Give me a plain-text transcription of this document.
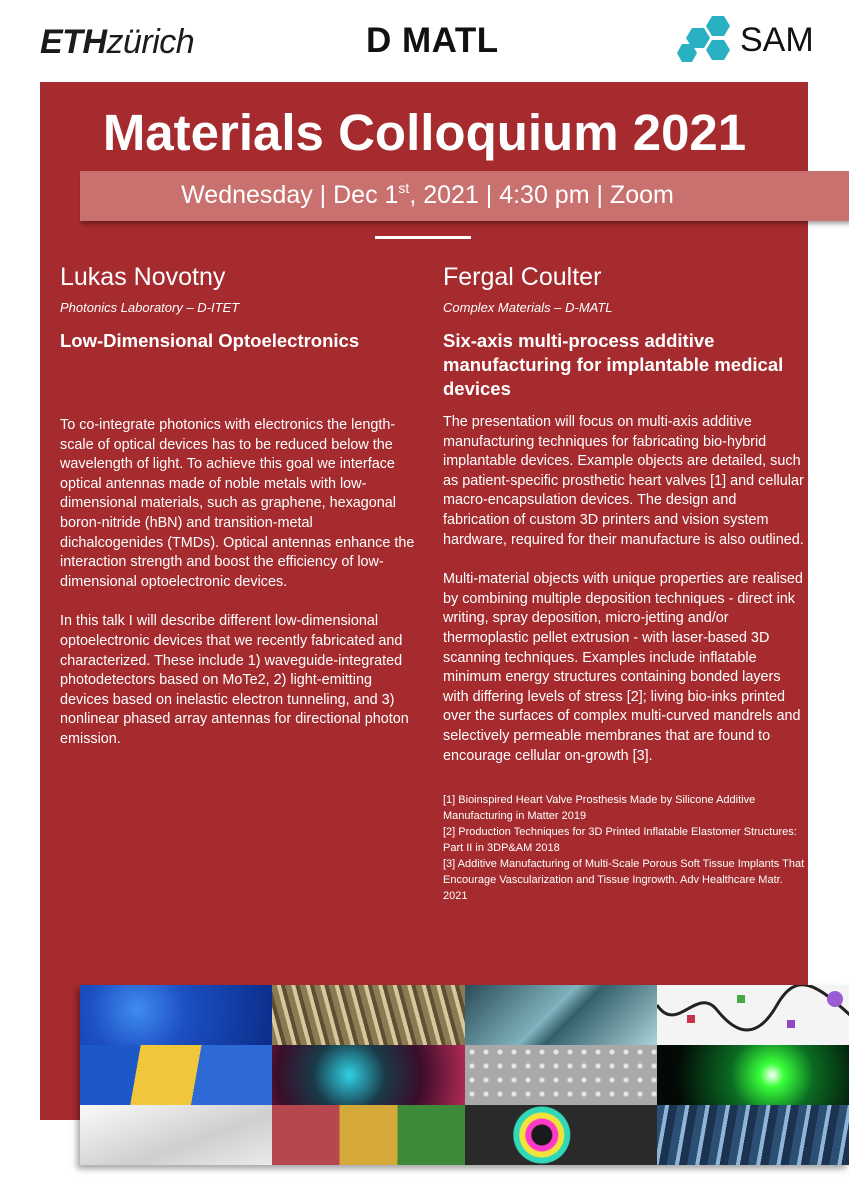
ETHzürich	D MATL	SAM
Materials Colloquium 2021
Wednesday | Dec 1st, 2021 | 4:30 pm | Zoom
Lukas Novotny

Photonics Laboratory – D-ITET

Low-Dimensional Optoelectronics

To co-integrate photonics with electronics the length-scale of optical devices has to be reduced below the wavelength of light. To achieve this goal we interface optical antennas made of noble metals with low-dimensional materials, such as graphene, hexagonal boron-nitride (hBN) and transition-metal dichalcogenides (TMDs). Optical antennas enhance the interaction strength and boost the efficiency of low-dimensional optoelectronic devices.

In this talk I will describe different low-dimensional optoelectronic devices that we recently fabricated and characterized. These include 1) waveguide-integrated photodetectors based on MoTe2, 2) light-emitting devices based on inelastic electron tunneling, and 3) nonlinear phased array antennas for directional photon emission.

Fergal Coulter

Complex Materials – D-MATL

Six-axis multi-process additive manufacturing for implantable medical devices

The presentation will focus on multi-axis additive manufacturing techniques for fabricating bio-hybrid implantable devices. Example objects are detailed, such as patient-specific prosthetic heart valves [1] and cellular macro-encapsulation devices. The design and fabrication of custom 3D printers and vision system hardware, required for their manufacture is also outlined.

Multi-material objects with unique properties are realised by combining multiple deposition techniques - direct ink writing, spray deposition, micro-jetting and/or thermoplastic pellet extrusion - with laser-based 3D scanning techniques. Examples include inflatable minimum energy structures containing bonded layers with differing levels of stress [2]; living bio-inks printed over the surfaces of complex multi-curved mandrels and selectively permeable membranes that are found to encourage cellular on-growth [3].

[1] Bioinspired Heart Valve Prosthesis Made by Silicone Additive Manufacturing in Matter 2019
[2] Production Techniques for 3D Printed Inflatable Elastomer Structures: Part II in 3DP&AM 2018
[3] Additive Manufacturing of Multi-Scale Porous Soft Tissue Implants That Encourage Vascularization and Tissue Ingrowth. Adv Healthcare Matr. 2021
